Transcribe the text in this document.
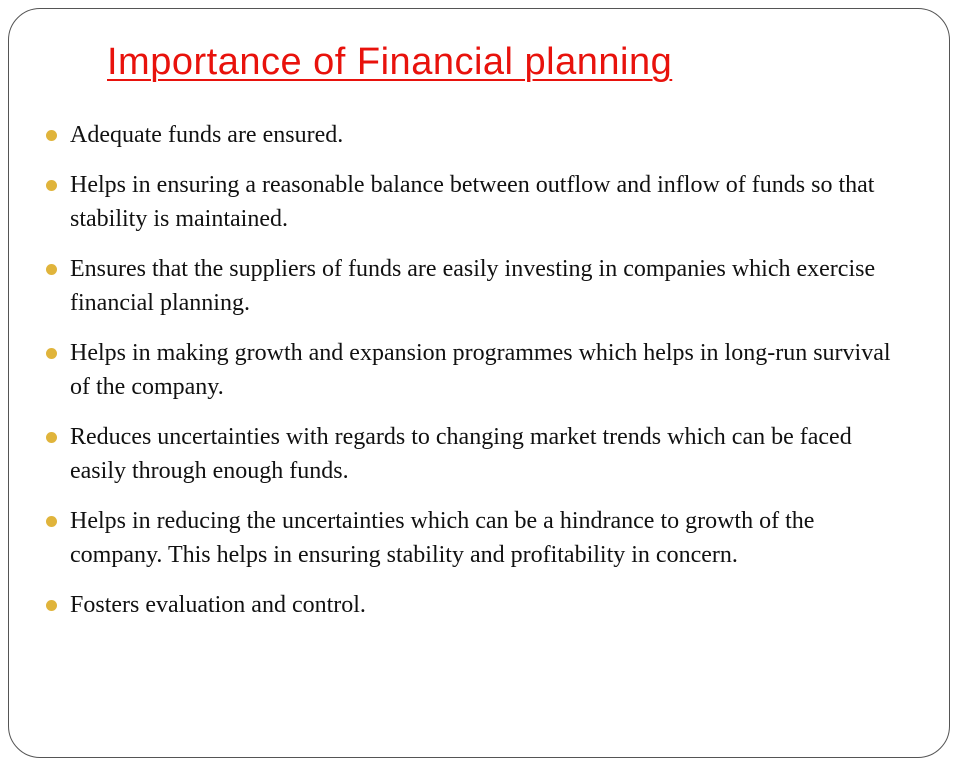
Importance of Financial planning
Adequate funds are ensured.
Helps in ensuring a reasonable balance between outflow and inflow of funds so that stability is maintained.
Ensures that the suppliers of funds are easily investing in companies which exercise financial planning.
Helps in making growth and expansion programmes which helps in long-run survival of the company.
Reduces uncertainties with regards to changing market trends which can be faced easily through enough funds.
Helps in reducing the uncertainties which can be a hindrance to growth of the company. This helps in ensuring stability and profitability in concern.
Fosters evaluation and control.
